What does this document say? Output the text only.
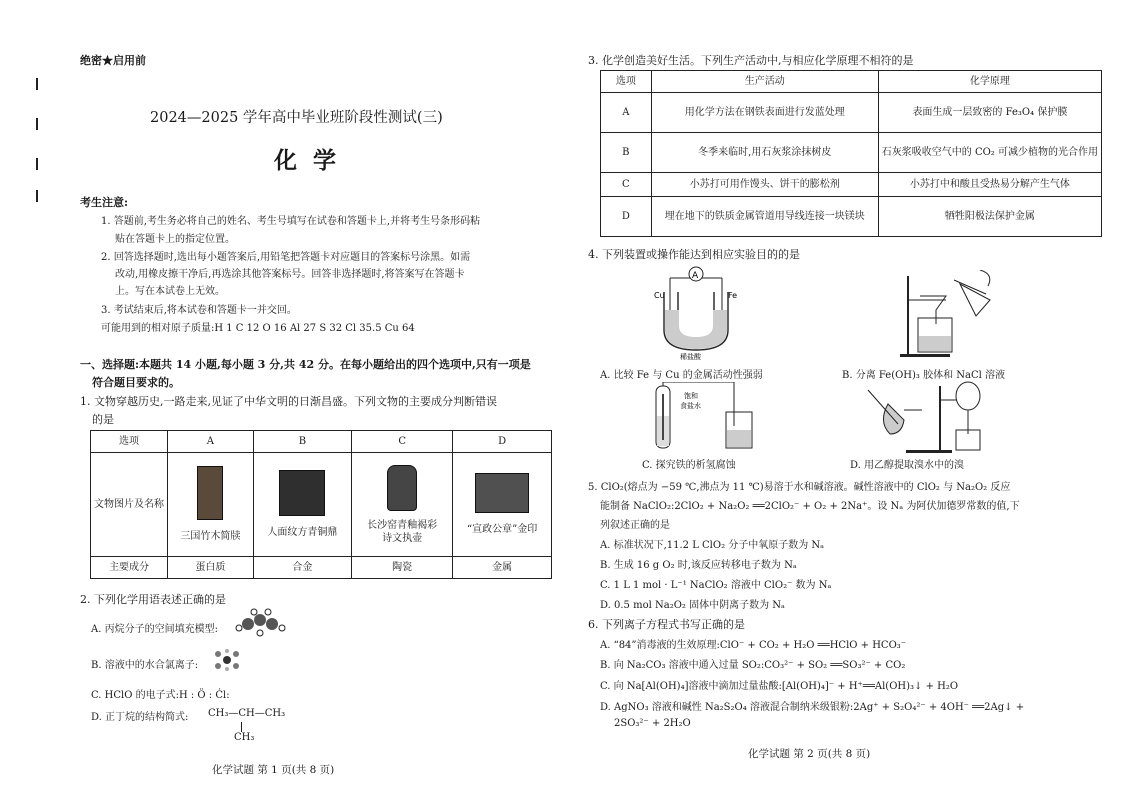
绝密★启用前
2024—2025 学年高中毕业班阶段性测试(三)
化 学
考生注意:
1. 答题前,考生务必将自己的姓名、考生号填写在试卷和答题卡上,并将考生号条形码粘
贴在答题卡上的指定位置。
2. 回答选择题时,选出每小题答案后,用铅笔把答题卡对应题目的答案标号涂黑。如需
改动,用橡皮擦干净后,再选涂其他答案标号。回答非选择题时,将答案写在答题卡
上。写在本试卷上无效。
3. 考试结束后,将本试卷和答题卡一并交回。
可能用到的相对原子质量:H 1 C 12 O 16 Al 27 S 32 Cl 35.5 Cu 64
一、选择题:本题共 14 小题,每小题 3 分,共 42 分。在每小题给出的四个选项中,只有一项是
符合题目要求的。
1. 文物穿越历史,一路走来,见证了中华文明的日渐昌盛。下列文物的主要成分判断错误
的是
选项	A	B	C	D
文物图片及名称	三国竹木简牍	人面纹方青铜鼎	长沙窑青釉褐彩诗文执壶	“宣政公章”金印

主要成分	蛋白质	合金	陶瓷	金属
2. 下列化学用语表述正确的是
A. 丙烷分子的空间填充模型:
B. 溶液中的水合氯离子:
C. HClO 的电子式:H : Ö : Ċl:
D. 正丁烷的结构简式: CH₃—CH—CH₃
CH₃
化学试题 第 1 页(共 8 页)
3. 化学创造美好生活。下列生产活动中,与相应化学原理不相符的是
选项	生产活动	化学原理
A	用化学方法在钢铁表面进行发蓝处理	表面生成一层致密的 Fe₃O₄ 保护膜
B	冬季来临时,用石灰浆涂抹树皮	石灰浆吸收空气中的 CO₂ 可减少植物的光合作用
C	小苏打可用作馒头、饼干的膨松剂	小苏打中和酸且受热易分解产生气体
D	埋在地下的铁质金属管道用导线连接一块镁块	牺牲阳极法保护金属
4. 下列装置或操作能达到相应实验目的的是
A
Cu	Fe
稀盐酸
A. 比较 Fe 与 Cu 的金属活动性强弱	B. 分离 Fe(OH)₃ 胶体和 NaCl 溶液
饱和
食盐水
C. 探究铁的析氢腐蚀	D. 用乙醇提取溴水中的溴
5. ClO₂(熔点为 −59 ℃,沸点为 11 ℃)易溶于水和碱溶液。碱性溶液中的 ClO₂ 与 Na₂O₂ 反应
能制备 NaClO₂:2ClO₂ + Na₂O₂ ══2ClO₂⁻ + O₂ + 2Na⁺。设 Nₐ 为阿伏加德罗常数的值,下
列叙述正确的是
A. 标准状况下,11.2 L ClO₂ 分子中氧原子数为 Nₐ
B. 生成 16 g O₂ 时,该反应转移电子数为 Nₐ
C. 1 L 1 mol · L⁻¹ NaClO₂ 溶液中 ClO₂⁻ 数为 Nₐ
D. 0.5 mol Na₂O₂ 固体中阴离子数为 Nₐ
6. 下列离子方程式书写正确的是
A. “84”消毒液的生效原理:ClO⁻ + CO₂ + H₂O ══HClO + HCO₃⁻
B. 向 Na₂CO₃ 溶液中通入过量 SO₂:CO₃²⁻ + SO₂ ══SO₃²⁻ + CO₂
C. 向 Na[Al(OH)₄]溶液中滴加过量盐酸:[Al(OH)₄]⁻ + H⁺══Al(OH)₃↓ + H₂O
D. AgNO₃ 溶液和碱性 Na₂S₂O₄ 溶液混合制纳米级银粉:2Ag⁺ + S₂O₄²⁻ + 4OH⁻ ══2Ag↓ +
2SO₃²⁻ + 2H₂O
化学试题 第 2 页(共 8 页)
